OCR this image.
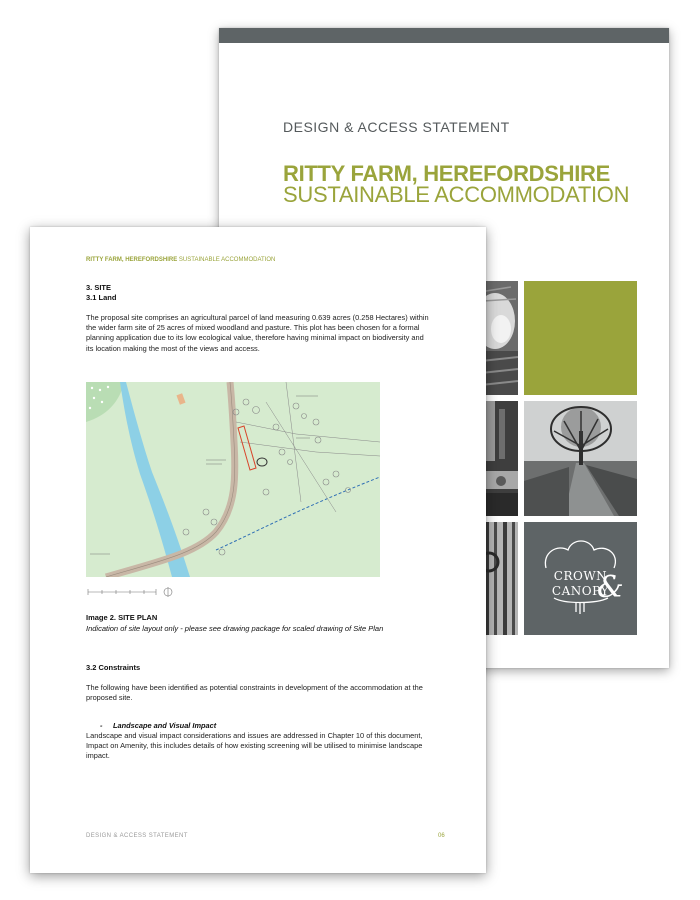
DESIGN & ACCESS STATEMENT
RITTY FARM, HEREFORDSHIRE
SUSTAINABLE ACCOMMODATION
CROWN
CANOPY
&
RITTY FARM, HEREFORDSHIRE SUSTAINABLE ACCOMMODATION
3. SITE
3.1 Land
The proposal site comprises an agricultural parcel of land measuring 0.639 acres (0.258 Hectares) within the wider farm site of 25 acres of mixed woodland and pasture. This plot has been chosen for a formal planning application due to its low ecological value, therefore having minimal impact on biodiversity and its location making the most of the views and access.
Image 2. SITE PLAN
Indication of site layout only - please see drawing package for scaled drawing of Site Plan
3.2 Constraints
The following have been identified as potential constraints in development of the accommodation at the proposed site.
- Landscape and Visual Impact
Landscape and visual impact considerations and issues are addressed in Chapter 10 of this document, Impact on Amenity, this includes details of how existing screening will be utilised to minimise landscape impact.
DESIGN & ACCESS STATEMENT	06
